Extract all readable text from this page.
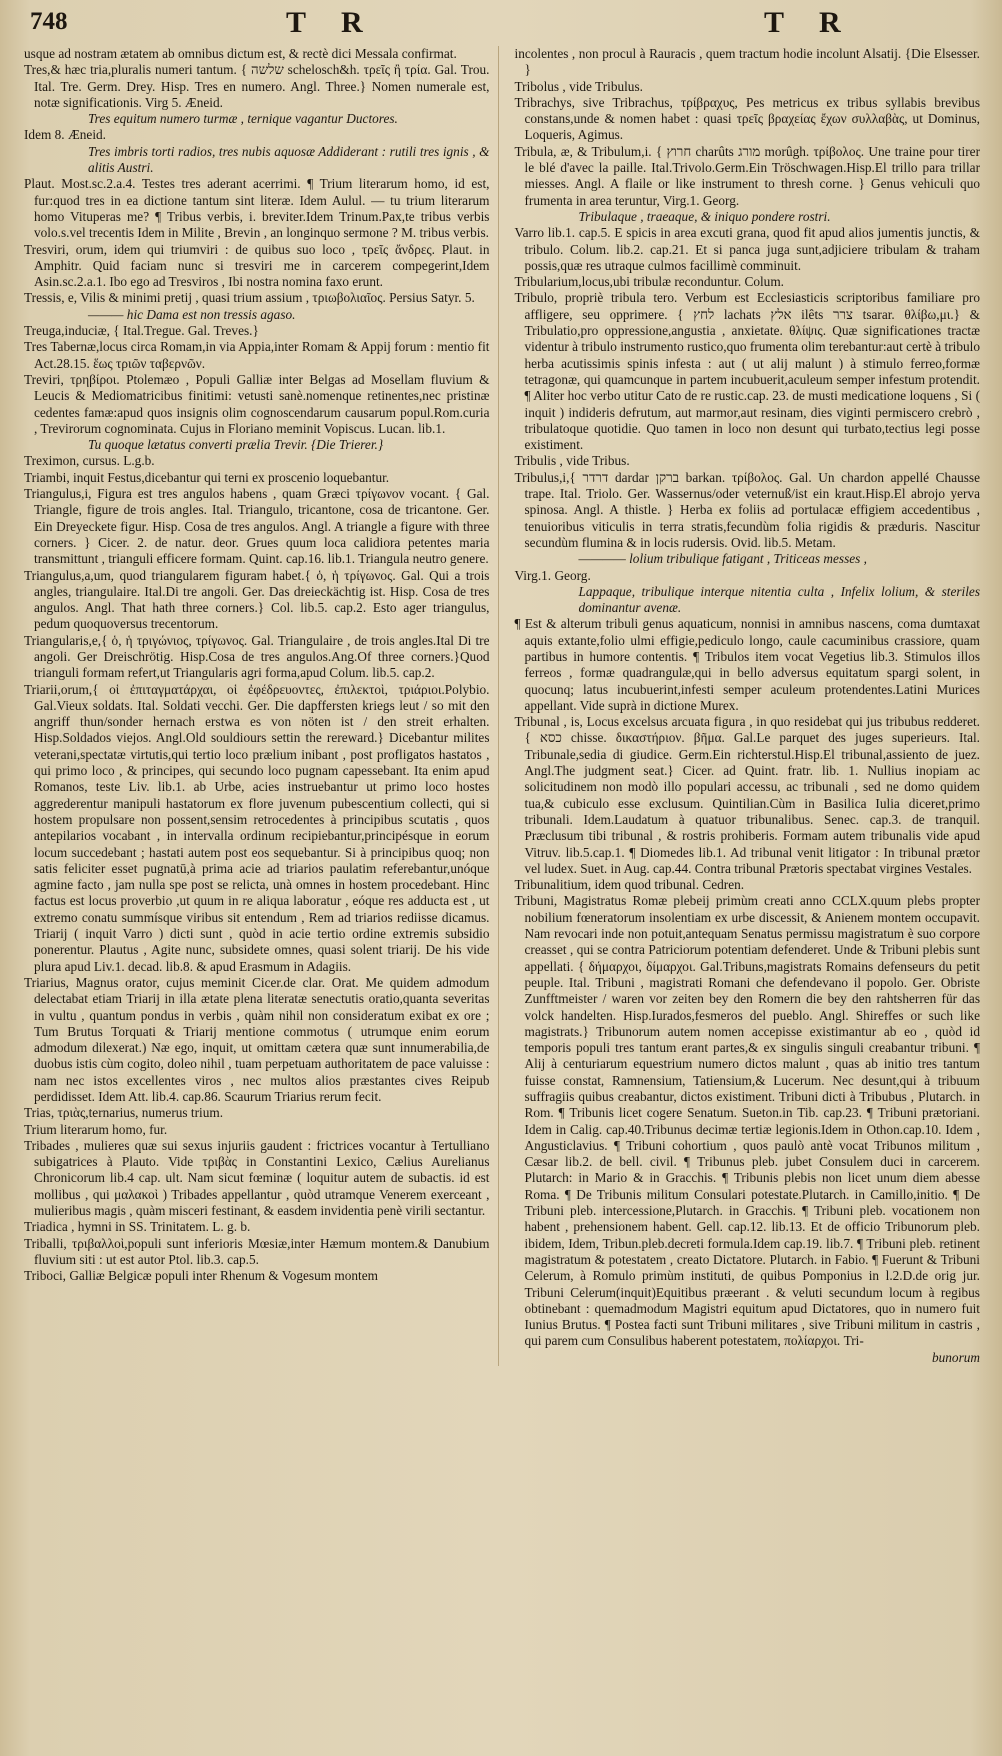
748	T R	T R

usque ad nostram ætatem ab omnibus dictum est, & rectè dici Messala confirmat.

Tres,& hæc tria,pluralis numeri tantum. { שלשה schelosch&h. τρεῖς ἢ τρία. Gal. Trou. Ital. Tre. Germ. Drey. Hisp. Tres en numero. Angl. Three.} Nomen numerale est, notæ significationis. Virg 5. Æneid.

Tres equitum numero turmæ , ternique vagantur Ductores.

Idem 8. Æneid.

Tres imbris torti radios, tres nubis aquosæ Addiderant : rutili tres ignis , & alitis Austri.

Plaut. Most.sc.2.a.4. Testes tres aderant acerrimi. ¶ Trium literarum homo, id est, fur:quod tres in ea dictione tantum sint literæ. Idem Aulul. — tu trium literarum homo Vituperas me? ¶ Tribus verbis, i. breviter.Idem Trinum.Pax,te tribus verbis volo.s.vel trecentis Idem in Milite , Brevin , an longinquo sermone ? M. tribus verbis.

Tresviri, orum, idem qui triumviri : de quibus suo loco , τρεῖς ἄνδρες. Plaut. in Amphitr. Quid faciam nunc si tresviri me in carcerem compegerint,Idem Asin.sc.2.a.1. Ibo ego ad Tresviros , Ibi nostra nomina faxo erunt.

Tressis, e, Vilis & minimi pretij , quasi trium assium , τριωβολιαῖος. Persius Satyr. 5.

——— hic Dama est non tressis agaso.

Treuga,induciæ, { Ital.Treguе. Gal. Treves.}

Tres Tabernæ,locus circa Romam,in via Appia,inter Romam & Appij forum : mentio fit Act.28.15. ἕως τριῶν ταβερνῶν.

Treviri, τρηβίροι. Ptolemæo , Populi Galliæ inter Belgas ad Mosellam fluvium & Leucis & Mediomatricibus finitimi: vetusti sanè.nomenque retinentes,nec pristinæ cedentes famæ:apud quos insignis olim cognoscendarum causarum popul.Rom.curia , Trevirorum cognominata. Cujus in Floriano meminit Vopiscus. Lucan. lib.1.

Tu quoque lætatus converti prælia Trevir. {Die Trierer.}

Treximon, cursus. L.g.b.

Triambi, inquit Festus,dicebantur qui terni ex proscenio loquebantur.

Triangulus,i, Figura est tres angulos habens , quam Græci τρίγωνον vocant. { Gal. Triangle, figure de trois angles. Ital. Triangulo, tricantone, cosa de tricantone. Ger. Ein Dreyeckete figur. Hisp. Cosa de tres angulos. Angl. A triangle a figure with three corners. } Cicer. 2. de natur. deor. Grues quum loca calidiora petentes maria transmittunt , trianguli efficere formam. Quint. cap.16. lib.1. Triangula neutro genere.

Triangulus,a,um, quod triangularem figuram habet.{ ὁ, ἡ τρίγωνος. Gal. Qui a trois angles, triangulaire. Ital.Di tre angoli. Ger. Das dreieckächtig ist. Hisp. Cosa de tres angulos. Angl. That hath three corners.} Col. lib.5. cap.2. Esto ager triangulus, pedum quoquoversus trecentorum.

Triangularis,e,{ ὁ, ἡ τριγώνιος, τρίγωνος. Gal. Triangulaire , de trois angles.Ital Di tre angoli. Ger Dreischrötig. Hisp.Cosa de tres angulos.Ang.Of three corners.}Quod trianguli formam refert,ut Triangularis agri forma,apud Colum. lib.5. cap.2.

Triarii,orum,{ οἱ ἐπιταγματάρχαι, οἱ ἐφέδρευοντες, ἐπιλεκτοὶ, τριάριοι.Polybio. Gal.Vieux soldats. Ital. Soldati vecchi. Ger. Die dapffersten kriegs leut / so mit den angriff thun/sonder hernach erstwa es von nöten ist / den streit erhalten. Hisp.Soldados viejos. Angl.Old souldiours settin the rereward.} Dicebantur milites veterani,spectatæ virtutis,qui tertio loco prælium inibant , post profligatos hastatos , qui primo loco , & principes, qui secundo loco pugnam capessebant. Ita enim apud Romanos, teste Liv. lib.1. ab Urbe, acies instruebantur ut primo loco hostes aggrederentur manipuli hastatorum ex flore juvenum pubescentium collecti, qui si hostem propulsare non possent,sensim retrocedentes à principibus scutatis , quos antepilarios vocabant , in intervalla ordinum recipiebantur,principésque in eorum locum succedebant ; hastati autem post eos sequebantur. Si à principibus quoq; non satis feliciter esset pugnatū,à prima acie ad triarios paulatim referebantur,unóque agmine facto , jam nulla spe post se relicta, unà omnes in hostem procedebant. Hinc factus est locus proverbio ,ut quum in re aliqua laboratur , eóque res adducta est , ut extremo conatu summísque viribus sit entendum , Rem ad triarios rediisse dicamus. Triarij ( inquit Varro ) dicti sunt , quòd in acie tertio ordine extremis subsidio ponerentur. Plautus , Agite nunc, subsidete omnes, quasi solent triarij. De his vide plura apud Liv.1. decad. lib.8. & apud Erasmum in Adagiis.

Triarius, Magnus orator, cujus meminit Cicer.de clar. Orat. Me quidem admodum delectabat etiam Triarij in illa ætate plena literatæ senectutis oratio,quanta severitas in vultu , quantum pondus in verbis , quàm nihil non consideratum exibat ex ore ; Tum Brutus Torquati & Triarij mentione commotus ( utrumque enim eorum admodum dilexerat.) Næ ego, inquit, ut omittam cætera quæ sunt innumerabilia,de duobus istis cùm cogito, doleo nihil , tuam perpetuam authoritatem de pace valuisse : nam nec istos excellentes viros , nec multos alios præstantes cives Reipub perdidisset. Idem Att. lib.4. cap.86. Scaurum Triarius rerum fecit.

Trias, τριὰς,ternarius, numerus trium.

Trium literarum homo, fur.

Tribades , mulieres quæ sui sexus injuriis gaudent : frictrices vocantur à Tertulliano subigatrices à Plauto. Vide τριβὰς in Constantini Lexico, Cælius Aurelianus Chronicorum lib.4 cap. ult. Nam sicut fœminæ ( loquitur autem de subactis. id est mollibus , qui μαλακοὶ ) Tribades appellantur , quòd utramque Venerem exerceant , mulieribus magis , quàm misceri festinant, & easdem invidentia penè virili sectantur.

Triadica , hymni in SS. Trinitatem. L. g. b.

Triballi, τριβαλλοὶ,populi sunt inferioris Mœsiæ,inter Hæmum montem.& Danubium fluvium siti : ut est autor Ptol. lib.3. cap.5.

Triboci, Galliæ Belgicæ populi inter Rhenum & Vogesum montem

incolentes , non procul à Rauracis , quem tractum hodie incolunt Alsatij. {Die Elsesser. }

Tribolus , vide Tribulus.

Tribrachys, sive Tribrachus, τρίβραχυς, Pes metricus ex tribus syllabis brevibus constans,unde & nomen habet : quasi τρεῖς βραχείας ἔχων συλλαβὰς, ut Dominus, Loqueris, Agimus.

Tribula, æ, & Tribulum,i. { חרוץ charûts מורג morûgh. τρίβολος. Une traine pour tirer le blé d'avec la paille. Ital.Trivolo.Germ.Ein Tröschwagen.Hisp.El trillo para trillar miesses. Angl. A flaile or like instrument to thresh corne. } Genus vehiculi quo frumenta in area teruntur, Virg.1. Georg.

Tribulaque , traeaque, & iniquo pondere rostri.

Varro lib.1. cap.5. E spicis in area excuti grana, quod fit apud alios jumentis junctis, & tribulo. Colum. lib.2. cap.21. Et si panca juga sunt,adjiciere tribulam & traham possis,quæ res utraque culmos facillimè comminuit.

Tribularium,locus,ubi tribulæ reconduntur. Colum.

Tribulo, propriè tribula tero. Verbum est Ecclesiasticis scriptoribus familiare pro affligere, seu opprimere. { לחץ lachats אלץ ilêts צרר tsarar. θλίβω,μι.} & Tribulatio,pro oppressione,angustia , anxietate. θλίψις. Quæ significationes tractæ videntur à tribulo instrumento rustico,quo frumenta olim terebantur:aut certè à tribulo herba acutissimis spinis infesta : aut ( ut alij malunt ) à stimulo ferreo,formæ tetragonæ, qui quamcunque in partem incubuerit,aculeum semper infestum protendit. ¶ Aliter hoc verbo utitur Cato de re rustic.cap. 23. de musti medicatione loquens , Si ( inquit ) indideris defrutum, aut marmor,aut resinam, dies viginti permiscero crebrò , tribulatoque quotidie. Quo tamen in loco non desunt qui turbato,tectius legi posse existiment.

Tribulis , vide Tribus.

Tribulus,i,{ דרדר dardar ברקן barkan. τρίβολος. Gal. Un chardon appellé Chausse trape. Ital. Triolo. Ger. Wassernus/oder veternuß/ist ein kraut.Hisp.El abrojo yerva spinosa. Angl. A thistle. } Herba ex foliis ad portulacæ effigiem accedentibus , tenuioribus viticulis in terra stratis,fecundùm folia rigidis & præduris. Nascitur secundùm flumina & in locis rudersis. Ovid. lib.5. Metam.

———— lolium tribulique fatigant , Triticeas messes ,

Virg.1. Georg.

Lappaque, tribulique interque nitentia culta , Infelix lolium, & steriles dominantur avenæ.

¶ Est & alterum tribuli genus aquaticum, nonnisi in amnibus nascens, coma dumtaxat aquis extante,folio ulmi effigie,pediculo longo, caule cacuminibus crassiore, quam partibus in humore contentis. ¶ Tribulos item vocat Vegetius lib.3. Stimulos illos ferreos , formæ quadrangulæ,qui in bello adversus equitatum spargi solent, in quocunq; latus incubuerint,infesti semper aculeum protendentes.Latini Murices appellant. Vide suprà in dictione Murex.

Tribunal , is, Locus excelsus arcuata figura , in quo residebat qui jus tribubus redderet. { כסא chisse. δικαστήριον. βῆμα. Gal.Le parquet des juges superieurs. Ital. Tribunale,sedia di giudice. Germ.Ein richterstul.Hisp.El tribunal,assiento de juez. Angl.The judgment seat.} Cicer. ad Quint. fratr. lib. 1. Nullius inopiam ac solicitudinem non modò illo populari accessu, ac tribunali , sed ne domo quidem tua,& cubiculo esse exclusum. Quintilian.Cùm in Basilica Iulia diceret,primo tribunali. Idem.Laudatum à quatuor tribunalibus. Senec. cap.3. de tranquil. Præclusum tibi tribunal , & rostris prohiberis. Formam autem tribunalis vide apud Vitruv. lib.5.cap.1. ¶ Diomedes lib.1. Ad tribunal venit litigator : In tribunal prætor vel ludex. Suet. in Aug. cap.44. Contra tribunal Prætoris spectabat virgines Vestales.

Tribunalitium, idem quod tribunal. Cedren.

Tribuni, Magistratus Romæ plebeij primùm creati anno CCLX.quum plebs propter nobilium fœneratorum insolentiam ex urbe discessit, & Anienem montem occupavit. Nam revocari inde non potuit,antequam Senatus permissu magistratum è suo corpore creasset , qui se contra Patriciorum potentiam defenderet. Unde & Tribuni plebis sunt appellati. { δήμαρχοι, δίμαρχοι. Gal.Tribuns,magistrats Romains defenseurs du petit peuple. Ital. Tribuni , magistrati Romani che defendevano il popolo. Ger. Obriste Zunfftmeister / waren vor zeiten bey den Romern die bey den rahtsherren für das volck handelten. Hisp.Iurados,fesmeros del pueblo. Angl. Shireffes or such like magistrats.} Tribunorum autem nomen accepisse existimantur ab eo , quòd id temporis populi tres tantum erant partes,& ex singulis singuli creabantur tribuni. ¶ Alij à centuriarum equestrium numero dictos malunt , quas ab initio tres tantum fuisse constat, Ramnensium, Tatiensium,& Lucerum. Nec desunt,qui à tribuum suffragiis quibus creabantur, dictos existiment. Tribuni dicti à Tribubus , Plutarch. in Rom. ¶ Tribunis licet cogere Senatum. Sueton.in Tib. cap.23. ¶ Tribuni prætoriani. Idem in Calig. cap.40.Tribunus decimæ tertiæ legionis.Idem in Othon.cap.10. Idem , Angusticlavius. ¶ Tribuni cohortium , quos paulò antè vocat Tribunos militum , Cæsar lib.2. de bell. civil. ¶ Tribunus pleb. jubet Consulem duci in carcerem. Plutarch: in Mario & in Gracchis. ¶ Tribunis plebis non licet unum diem abesse Roma. ¶ De Tribunis militum Consulari potestate.Plutarch. in Camillo,initio. ¶ De Tribuni pleb. intercessione,Plutarch. in Gracchis. ¶ Tribuni pleb. vocationem non habent , prehensionem habent. Gell. cap.12. lib.13. Et de officio Tribunorum pleb. ibidem, Idem, Tribun.pleb.decreti formula.Idem cap.19. lib.7. ¶ Tribuni pleb. retinent magistratum & potestatem , creato Dictatore. Plutarch. in Fabio. ¶ Fuerunt & Tribuni Celerum, à Romulo primùm instituti, de quibus Pomponius in l.2.D.de orig jur. Tribuni Celerum(inquit)Equitibus præerant . & veluti secundum locum à regibus obtinebant : quemadmodum Magistri equitum apud Dictatores, quo in numero fuit Iunius Brutus. ¶ Postea facti sunt Tribuni militares , sive Tribuni militum in castris , qui parem cum Consulibus haberent potestatem, πολίαρχοι. Tri-

bunorum
